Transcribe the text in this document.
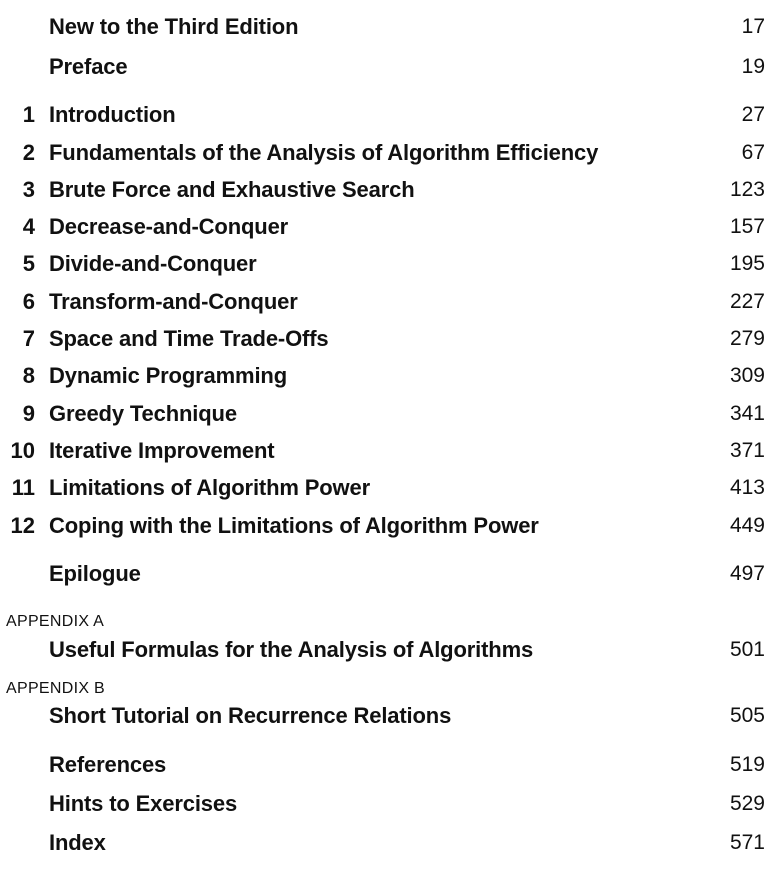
New to the Third Edition	17
Preface	19
1 Introduction	27
2 Fundamentals of the Analysis of Algorithm Efficiency	67
3 Brute Force and Exhaustive Search	123
4 Decrease-and-Conquer	157
5 Divide-and-Conquer	195
6 Transform-and-Conquer	227
7 Space and Time Trade-Offs	279
8 Dynamic Programming	309
9 Greedy Technique	341
10 Iterative Improvement	371
11 Limitations of Algorithm Power	413
12 Coping with the Limitations of Algorithm Power	449
Epilogue	497
APPENDIX A
Useful Formulas for the Analysis of Algorithms	501
APPENDIX B
Short Tutorial on Recurrence Relations	505
References	519
Hints to Exercises	529
Index	571
